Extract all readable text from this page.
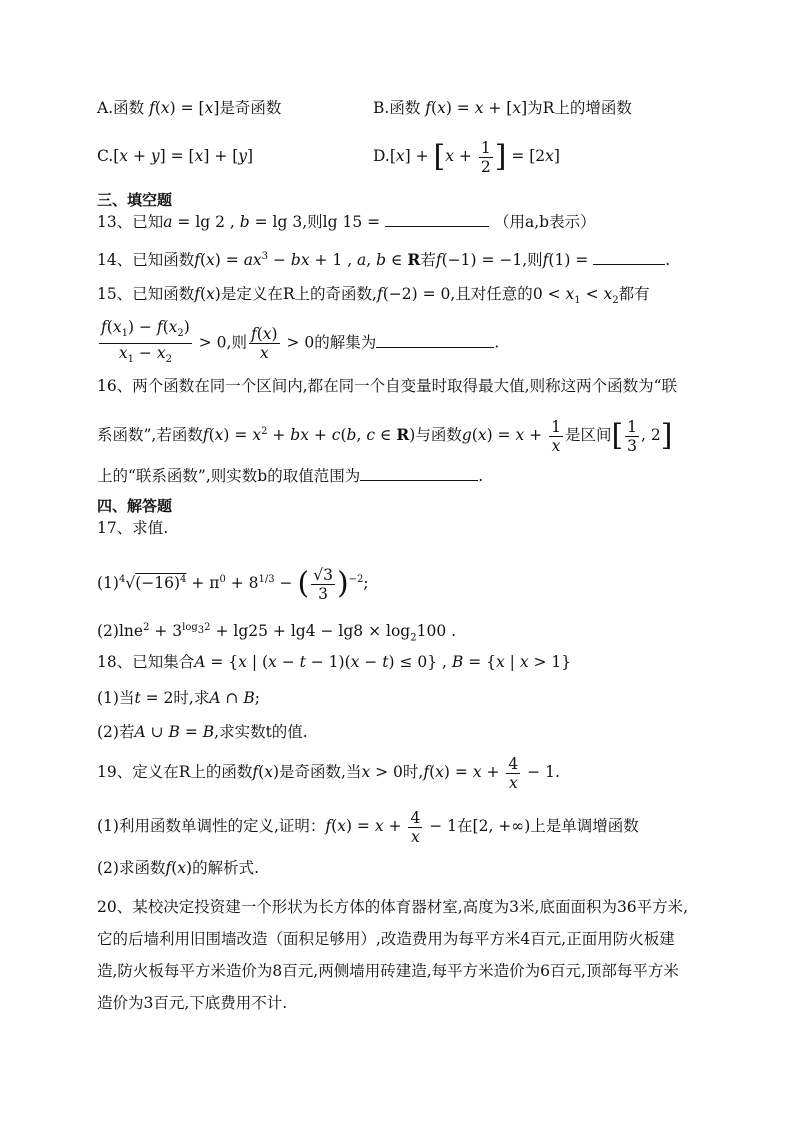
A.函数 f(x) = [x]是奇函数	B.函数 f(x) = x + [x]为R上的增函数
C.[x + y] = [x] + [y]	$D.[x] + [x + \frac{1}{2}$ ] = [2x]
三、填空题
13、已知a = lg 2 , b = lg 3,则lg 15 =	（用a,b表示）
14、已知函数$f(x) = ax^3$ − bx + 1 , a, b ∈ R若f(−1) = −1,则f(1) =	.
15、已知函数f(x)是定义在R上的奇函数,f(−2) = 0,且对任意的$0 < x_1 < x_2$都有
$\frac{f(x_1) - f(x_2)}{x_1 - x_2} > 0$,则 $\frac{f(x)}{x} > 0$的解集为	.
16、两个函数在同一个区间内,都在同一个自变量时取得最大值,则称这两个函数为“联
系函数”,若函数$f(x) = x^2$ + bx + c(b, c ∈ R)与函数$g(x) = x + \frac{1}{x}$ 是区间[ $\frac{1}{3}$ , 2]
上的“联系函数”,则实数b的取值范围为	.
四、解答题
17、求值.
$(1)^4√(-16)^4 + \pi^0 + 8^{1/3}$ − ( $\frac{√3}{3} )^{-2}$;
$(2)\ln e^2 + 3^{log_32} + \lg 25 + \lg 4 - \lg 8 \times \log_2100$ .
18、已知集合A = {x | (x − t − 1)(x − t) ≤ 0} , B = {x | x > 1}
(1)当t = 2时,求A ∩ B;
(2)若A ∪ B = B,求实数t的值.
19、定义在R上的函数f(x)是奇函数,当x > 0时$,f(x) = x + \frac{4}{x} - 1$.
(1)利用函数单调性的定义,证明：$f(x) = x + \frac{4}{x} - 1$在[2, +∞)上是单调增函数
(2)求函数f(x)的解析式.
20、某校决定投资建一个形状为长方体的体育器材室,高度为3米,底面面积为36平方米,
它的后墙利用旧围墙改造（面积足够用）,改造费用为每平方米4百元,正面用防火板建
造,防火板每平方米造价为8百元,两侧墙用砖建造,每平方米造价为6百元,顶部每平方米
造价为3百元,下底费用不计.
